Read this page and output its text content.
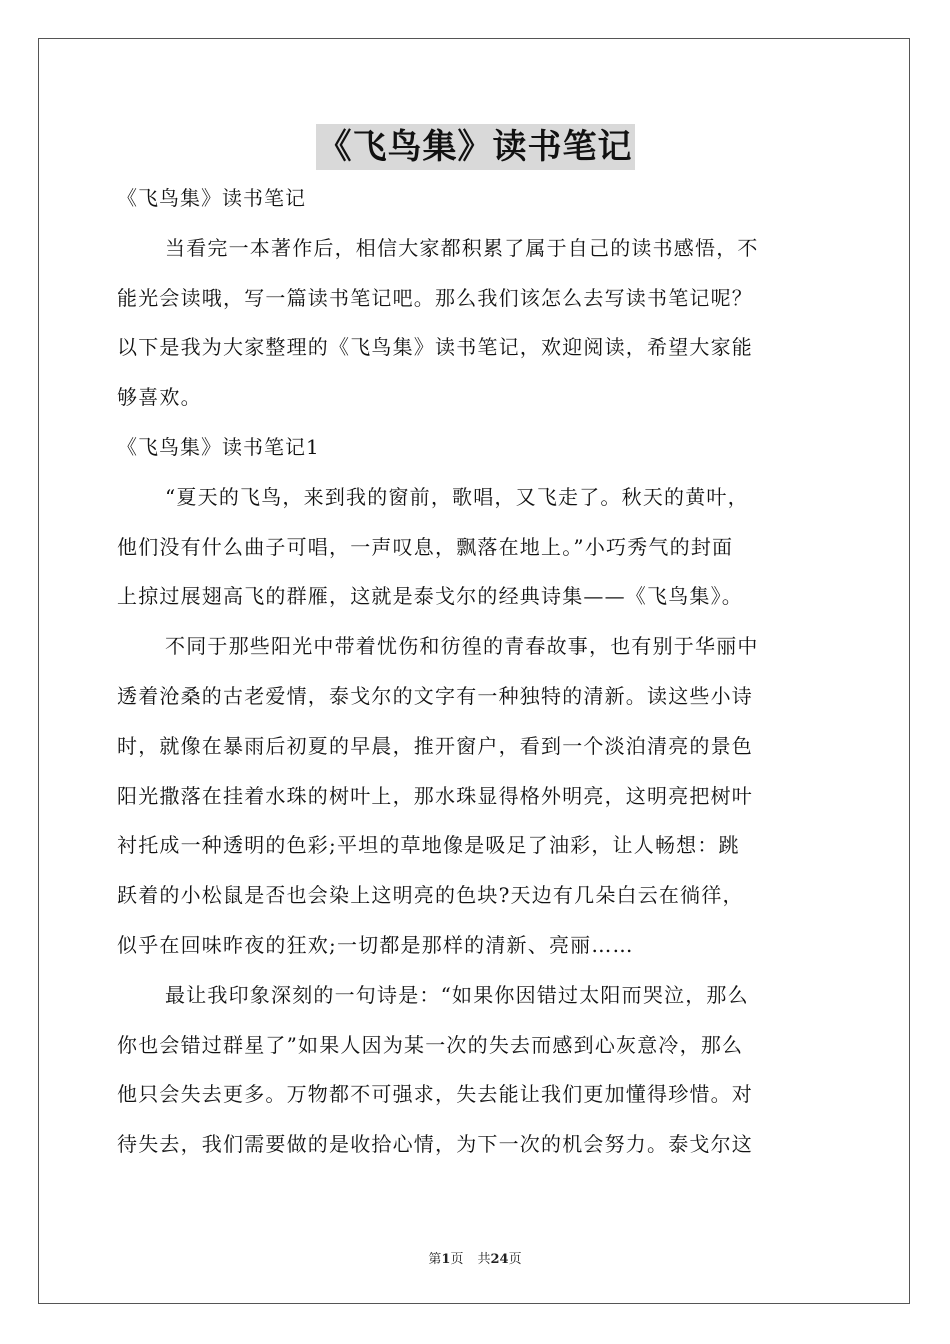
《飞鸟集》读书笔记
《飞鸟集》读书笔记
当看完一本著作后，相信大家都积累了属于自己的读书感悟，不
能光会读哦，写一篇读书笔记吧。那么我们该怎么去写读书笔记呢？
以下是我为大家整理的《飞鸟集》读书笔记，欢迎阅读，希望大家能
够喜欢。
《飞鸟集》读书笔记1
“夏天的飞鸟，来到我的窗前，歌唱，又飞走了。秋天的黄叶，
他们没有什么曲子可唱，一声叹息，飘落在地上。”小巧秀气的封面
上掠过展翅高飞的群雁，这就是泰戈尔的经典诗集——《飞鸟集》。
不同于那些阳光中带着忧伤和彷徨的青春故事，也有别于华丽中
透着沧桑的古老爱情，泰戈尔的文字有一种独特的清新。读这些小诗
时，就像在暴雨后初夏的早晨，推开窗户，看到一个淡泊清亮的景色
阳光撒落在挂着水珠的树叶上，那水珠显得格外明亮，这明亮把树叶
衬托成一种透明的色彩;平坦的草地像是吸足了油彩，让人畅想：跳
跃着的小松鼠是否也会染上这明亮的色块?天边有几朵白云在徜徉，
似乎在回味昨夜的狂欢;一切都是那样的清新、亮丽……
最让我印象深刻的一句诗是：“如果你因错过太阳而哭泣，那么
你也会错过群星了”如果人因为某一次的失去而感到心灰意冷，那么
他只会失去更多。万物都不可强求，失去能让我们更加懂得珍惜。对
待失去，我们需要做的是收拾心情，为下一次的机会努力。泰戈尔这
第1页 共24页
